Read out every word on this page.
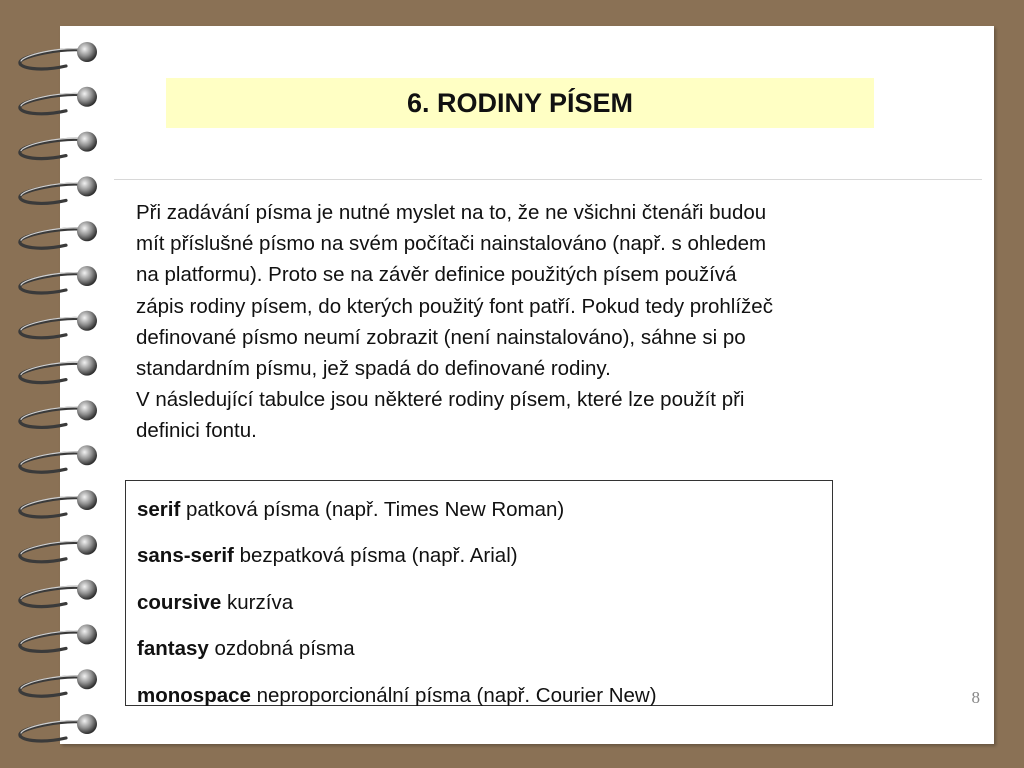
6. RODINY PÍSEM

Při zadávání písma je nutné myslet na to, že ne všichni čtenáři budou

mít příslušné písmo na svém počítači nainstalováno (např. s ohledem

na platformu). Proto se na závěr definice použitých písem používá

zápis rodiny písem, do kterých použitý font patří. Pokud tedy prohlížeč

definované písmo neumí zobrazit (není nainstalováno), sáhne si po

standardním písmu, jež spadá do definované rodiny.

V následující tabulce jsou některé rodiny písem, které lze použít při

definici fontu.

serif patková písma (např. Times New Roman)
sans-serif bezpatková písma (např. Arial)
coursive kurzíva
fantasy ozdobná písma
monospace neproporcionální písma (např. Courier New)	8
